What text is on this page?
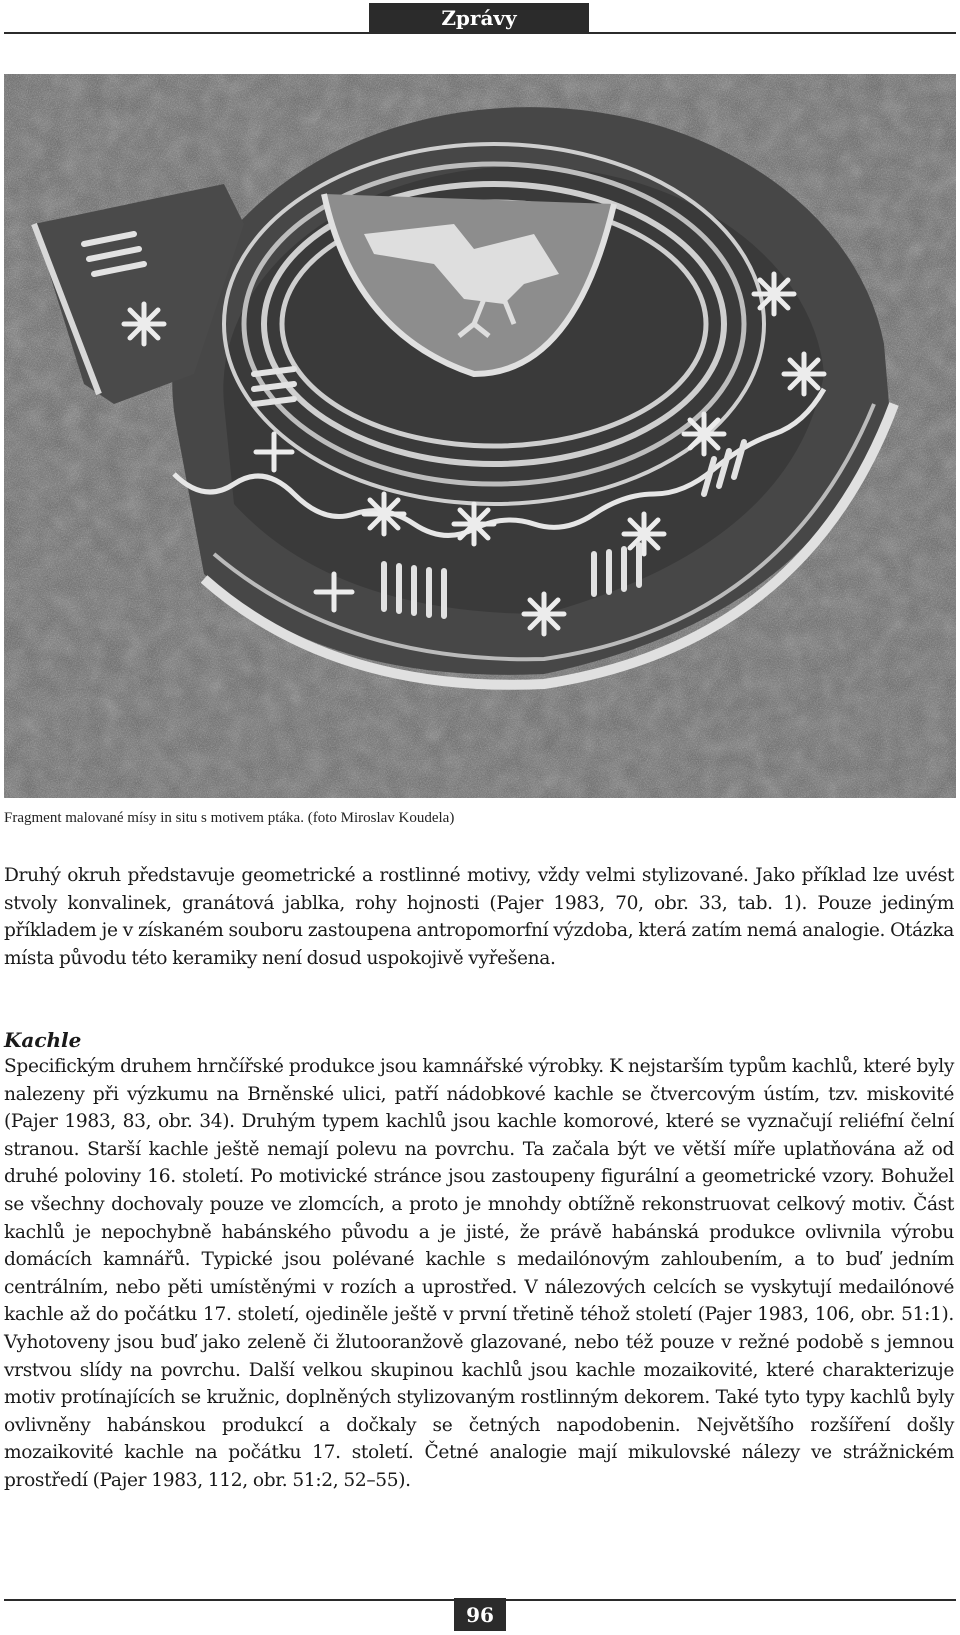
Zprávy
Fragment malované mísy in situ s motivem ptáka. (foto Miroslav Koudela)
Druhý okruh představuje geometrické a rostlinné motivy, vždy velmi stylizované. Jako příklad lze uvést stvoly konvalinek, granátová jablka, rohy hojnosti (Pajer 1983, 70, obr. 33, tab. 1). Pouze jediným příkladem je v získaném souboru zastoupena antropomorfní výzdoba, která zatím nemá analogie. Otázka místa původu této keramiky není dosud uspokojivě vyřešena.
Kachle
Specifickým druhem hrnčířské produkce jsou kamnářské výrobky. K nejstarším typům kachlů, které byly nalezeny při výzkumu na Brněnské ulici, patří nádobkové kachle se čtvercovým ústím, tzv. miskovité (Pajer 1983, 83, obr. 34). Druhým typem kachlů jsou kachle komorové, které se vyznačují reliéfní čelní stranou. Starší kachle ještě nemají polevu na povrchu. Ta začala být ve větší míře uplatňována až od druhé poloviny 16. století. Po motivické stránce jsou zastoupeny figurální a geometrické vzory. Bohužel se všechny dochovaly pouze ve zlomcích, a proto je mnohdy obtížně rekonstruovat celkový motiv. Část kachlů je nepochybně habánského původu a je jisté, že právě habánská produkce ovlivnila výrobu domácích kamnářů. Typické jsou polévané kachle s medailónovým zahloubením, a to buď jedním centrálním, nebo pěti umístěnými v rozích a uprostřed. V nálezových celcích se vyskytují medailónové kachle až do počátku 17. století, ojediněle ještě v první třetině téhož století (Pajer 1983, 106, obr. 51:1). Vyhotoveny jsou buď jako zeleně či žlutooranžově glazované, nebo též pouze v režné podobě s jemnou vrstvou slídy na povrchu. Další velkou skupinou kachlů jsou kachle mozaikovité, které charakterizuje motiv protínajících se kružnic, doplněných stylizovaným rostlinným dekorem. Také tyto typy kachlů byly ovlivněny habánskou produkcí a dočkaly se četných napodobenin. Největšího rozšíření došly mozaikovité kachle na počátku 17. století. Četné analogie mají mikulovské nálezy ve strážnickém prostředí (Pajer 1983, 112, obr. 51:2, 52–55).
96
